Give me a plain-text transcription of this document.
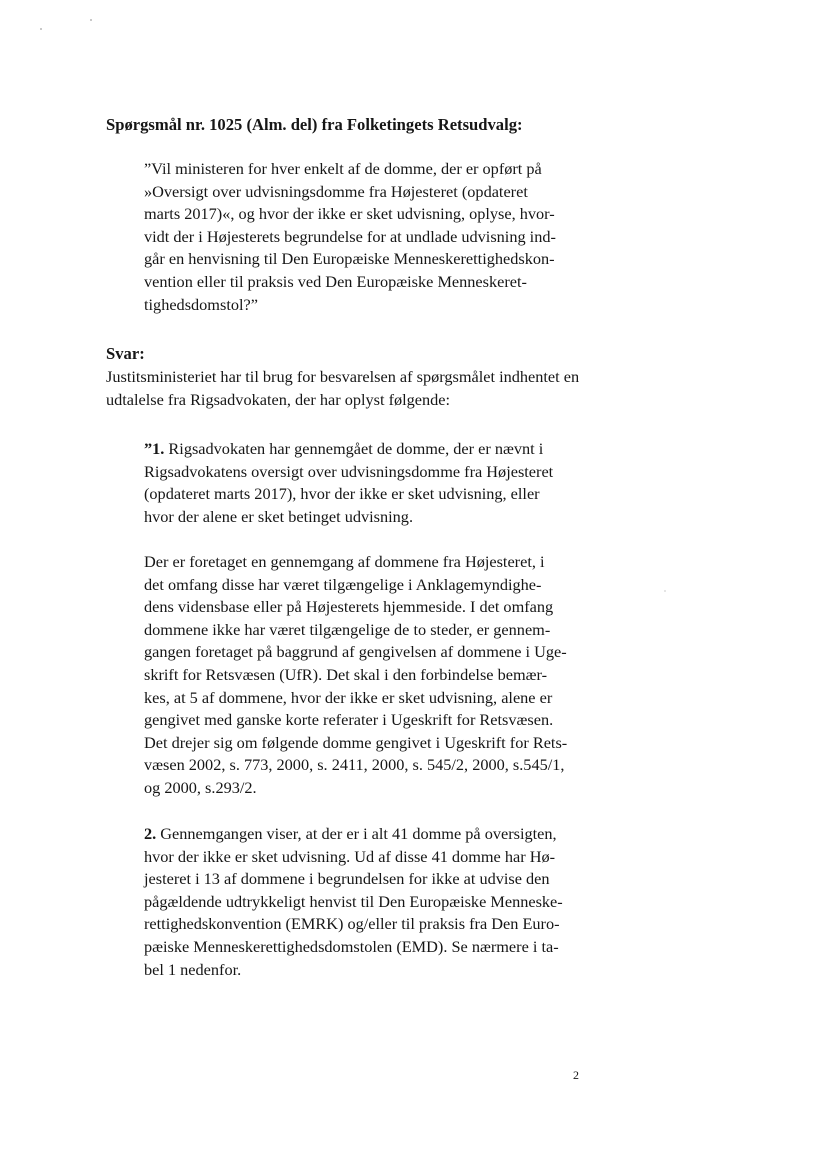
Spørgsmål nr. 1025 (Alm. del) fra Folketingets Retsudvalg:

”Vil ministeren for hver enkelt af de domme, der er opført på
»Oversigt over udvisningsdomme fra Højesteret (opdateret
marts 2017)«, og hvor der ikke er sket udvisning, oplyse, hvor-
vidt der i Højesterets begrundelse for at undlade udvisning ind-
går en henvisning til Den Europæiske Menneskerettighedskon-
vention eller til praksis ved Den Europæiske Menneskeret-
tighedsdomstol?”

Svar:

Justitsministeriet har til brug for besvarelsen af spørgsmålet indhentet en
udtalelse fra Rigsadvokaten, der har oplyst følgende:

”1. Rigsadvokaten har gennemgået de domme, der er nævnt i
Rigsadvokatens oversigt over udvisningsdomme fra Højesteret
(opdateret marts 2017), hvor der ikke er sket udvisning, eller
hvor der alene er sket betinget udvisning.

Der er foretaget en gennemgang af dommene fra Højesteret, i
det omfang disse har været tilgængelige i Anklagemyndighe-
dens vidensbase eller på Højesterets hjemmeside. I det omfang
dommene ikke har været tilgængelige de to steder, er gennem-
gangen foretaget på baggrund af gengivelsen af dommene i Uge-
skrift for Retsvæsen (UfR). Det skal i den forbindelse bemær-
kes, at 5 af dommene, hvor der ikke er sket udvisning, alene er
gengivet med ganske korte referater i Ugeskrift for Retsvæsen.
Det drejer sig om følgende domme gengivet i Ugeskrift for Rets-
væsen 2002, s. 773, 2000, s. 2411, 2000, s. 545/2, 2000, s.545/1,
og 2000, s.293/2.

2. Gennemgangen viser, at der er i alt 41 domme på oversigten,
hvor der ikke er sket udvisning. Ud af disse 41 domme har Hø-
jesteret i 13 af dommene i begrundelsen for ikke at udvise den
pågældende udtrykkeligt henvist til Den Europæiske Menneske-
rettighedskonvention (EMRK) og/eller til praksis fra Den Euro-
pæiske Menneskerettighedsdomstolen (EMD). Se nærmere i ta-
bel 1 nedenfor.

2
